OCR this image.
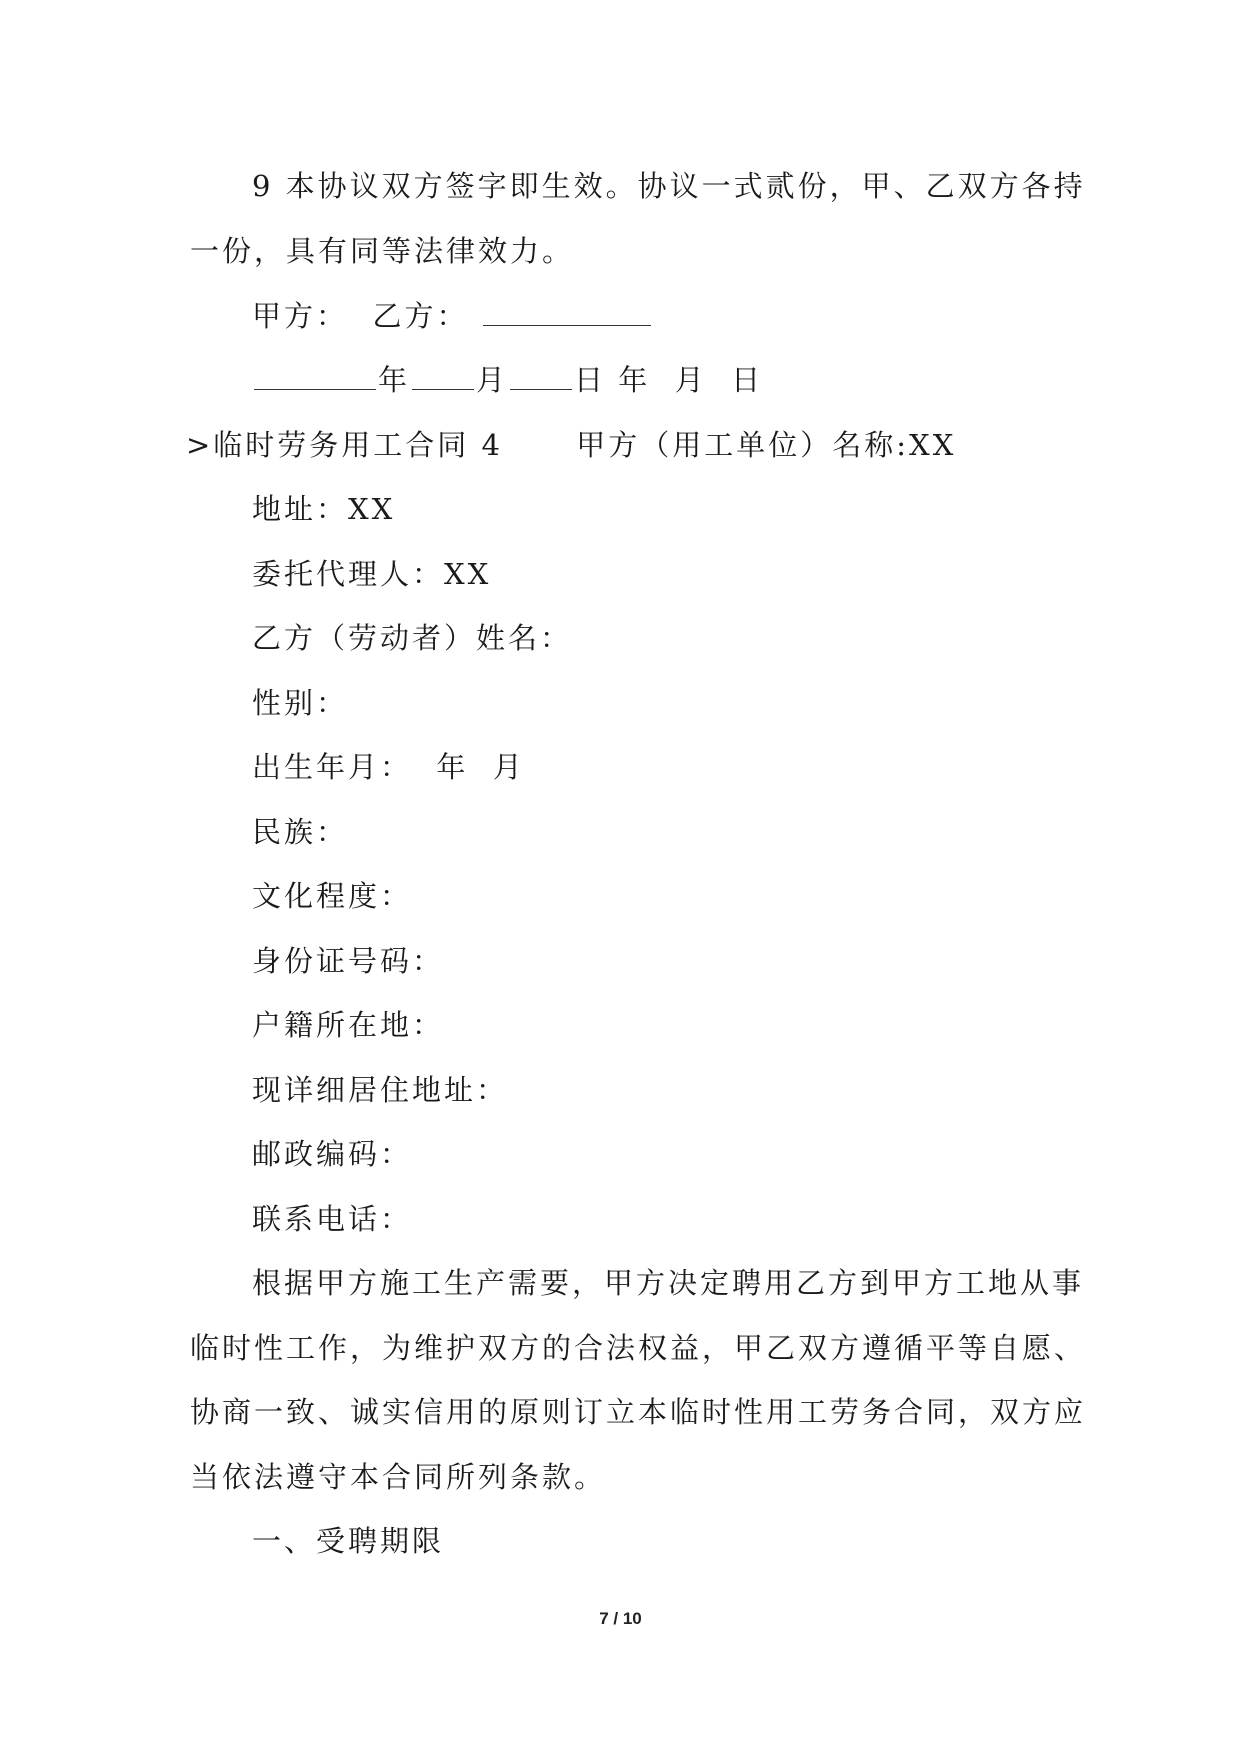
9 本协议双方签字即生效。协议一式贰份，甲、乙双方各持
一份，具有同等法律效力。
甲方： 乙方：
年 月 日 年  月  日
>临时劳务用工合同 4	甲方（用工单位）名称:XX
地址：XX
委托代理人：XX
乙方（劳动者）姓名：
性别：
出生年月：  年  月
民族：
文化程度：
身份证号码：
户籍所在地：
现详细居住地址：
邮政编码：
联系电话：
根据甲方施工生产需要，甲方决定聘用乙方到甲方工地从事
临时性工作，为维护双方的合法权益，甲乙双方遵循平等自愿、
协商一致、诚实信用的原则订立本临时性用工劳务合同，双方应
当依法遵守本合同所列条款。
一、受聘期限
7 / 10
